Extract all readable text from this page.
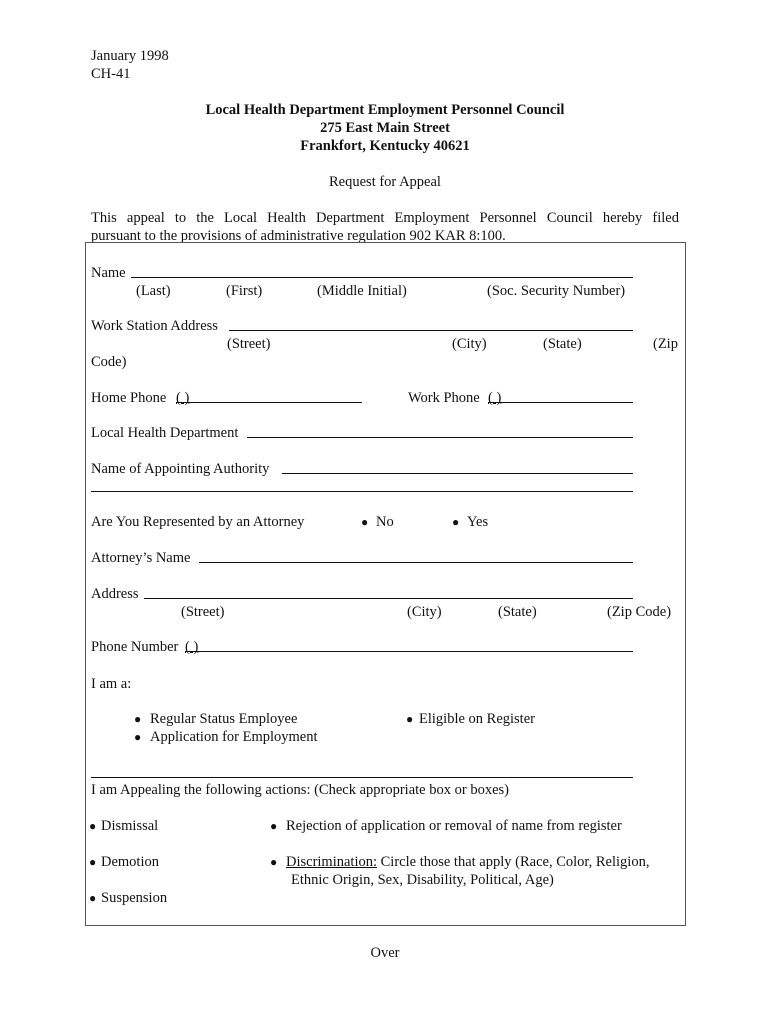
January 1998
CH-41
Local Health Department Employment Personnel Council
275 East Main Street
Frankfort, Kentucky 40621
Request for Appeal
This appeal to the Local Health Department Employment Personnel Council hereby filed
pursuant to the provisions of administrative regulation 902 KAR 8:100.
Name
(Last)	(First)	(Middle Initial)	(Soc. Security Number)
Work Station Address
(Street)	(City)	(State)	(Zip
Code)
Home Phone ( )	Work Phone ( )
Local Health Department
Name of Appointing Authority
Are You Represented by an Attorney	● No	● Yes
Attorney’s Name
Address
(Street)	(City)	(State)	(Zip Code)
Phone Number ( )
I am a:
● Regular Status Employee
● Application for Employment
● Eligible on Register
I am Appealing the following actions: (Check appropriate box or boxes)
● Dismissal	● Rejection of application or removal of name from register
● Demotion	● Discrimination: Circle those that apply (Race, Color, Religion,
Ethnic Origin, Sex, Disability, Political, Age)
● Suspension
Over
